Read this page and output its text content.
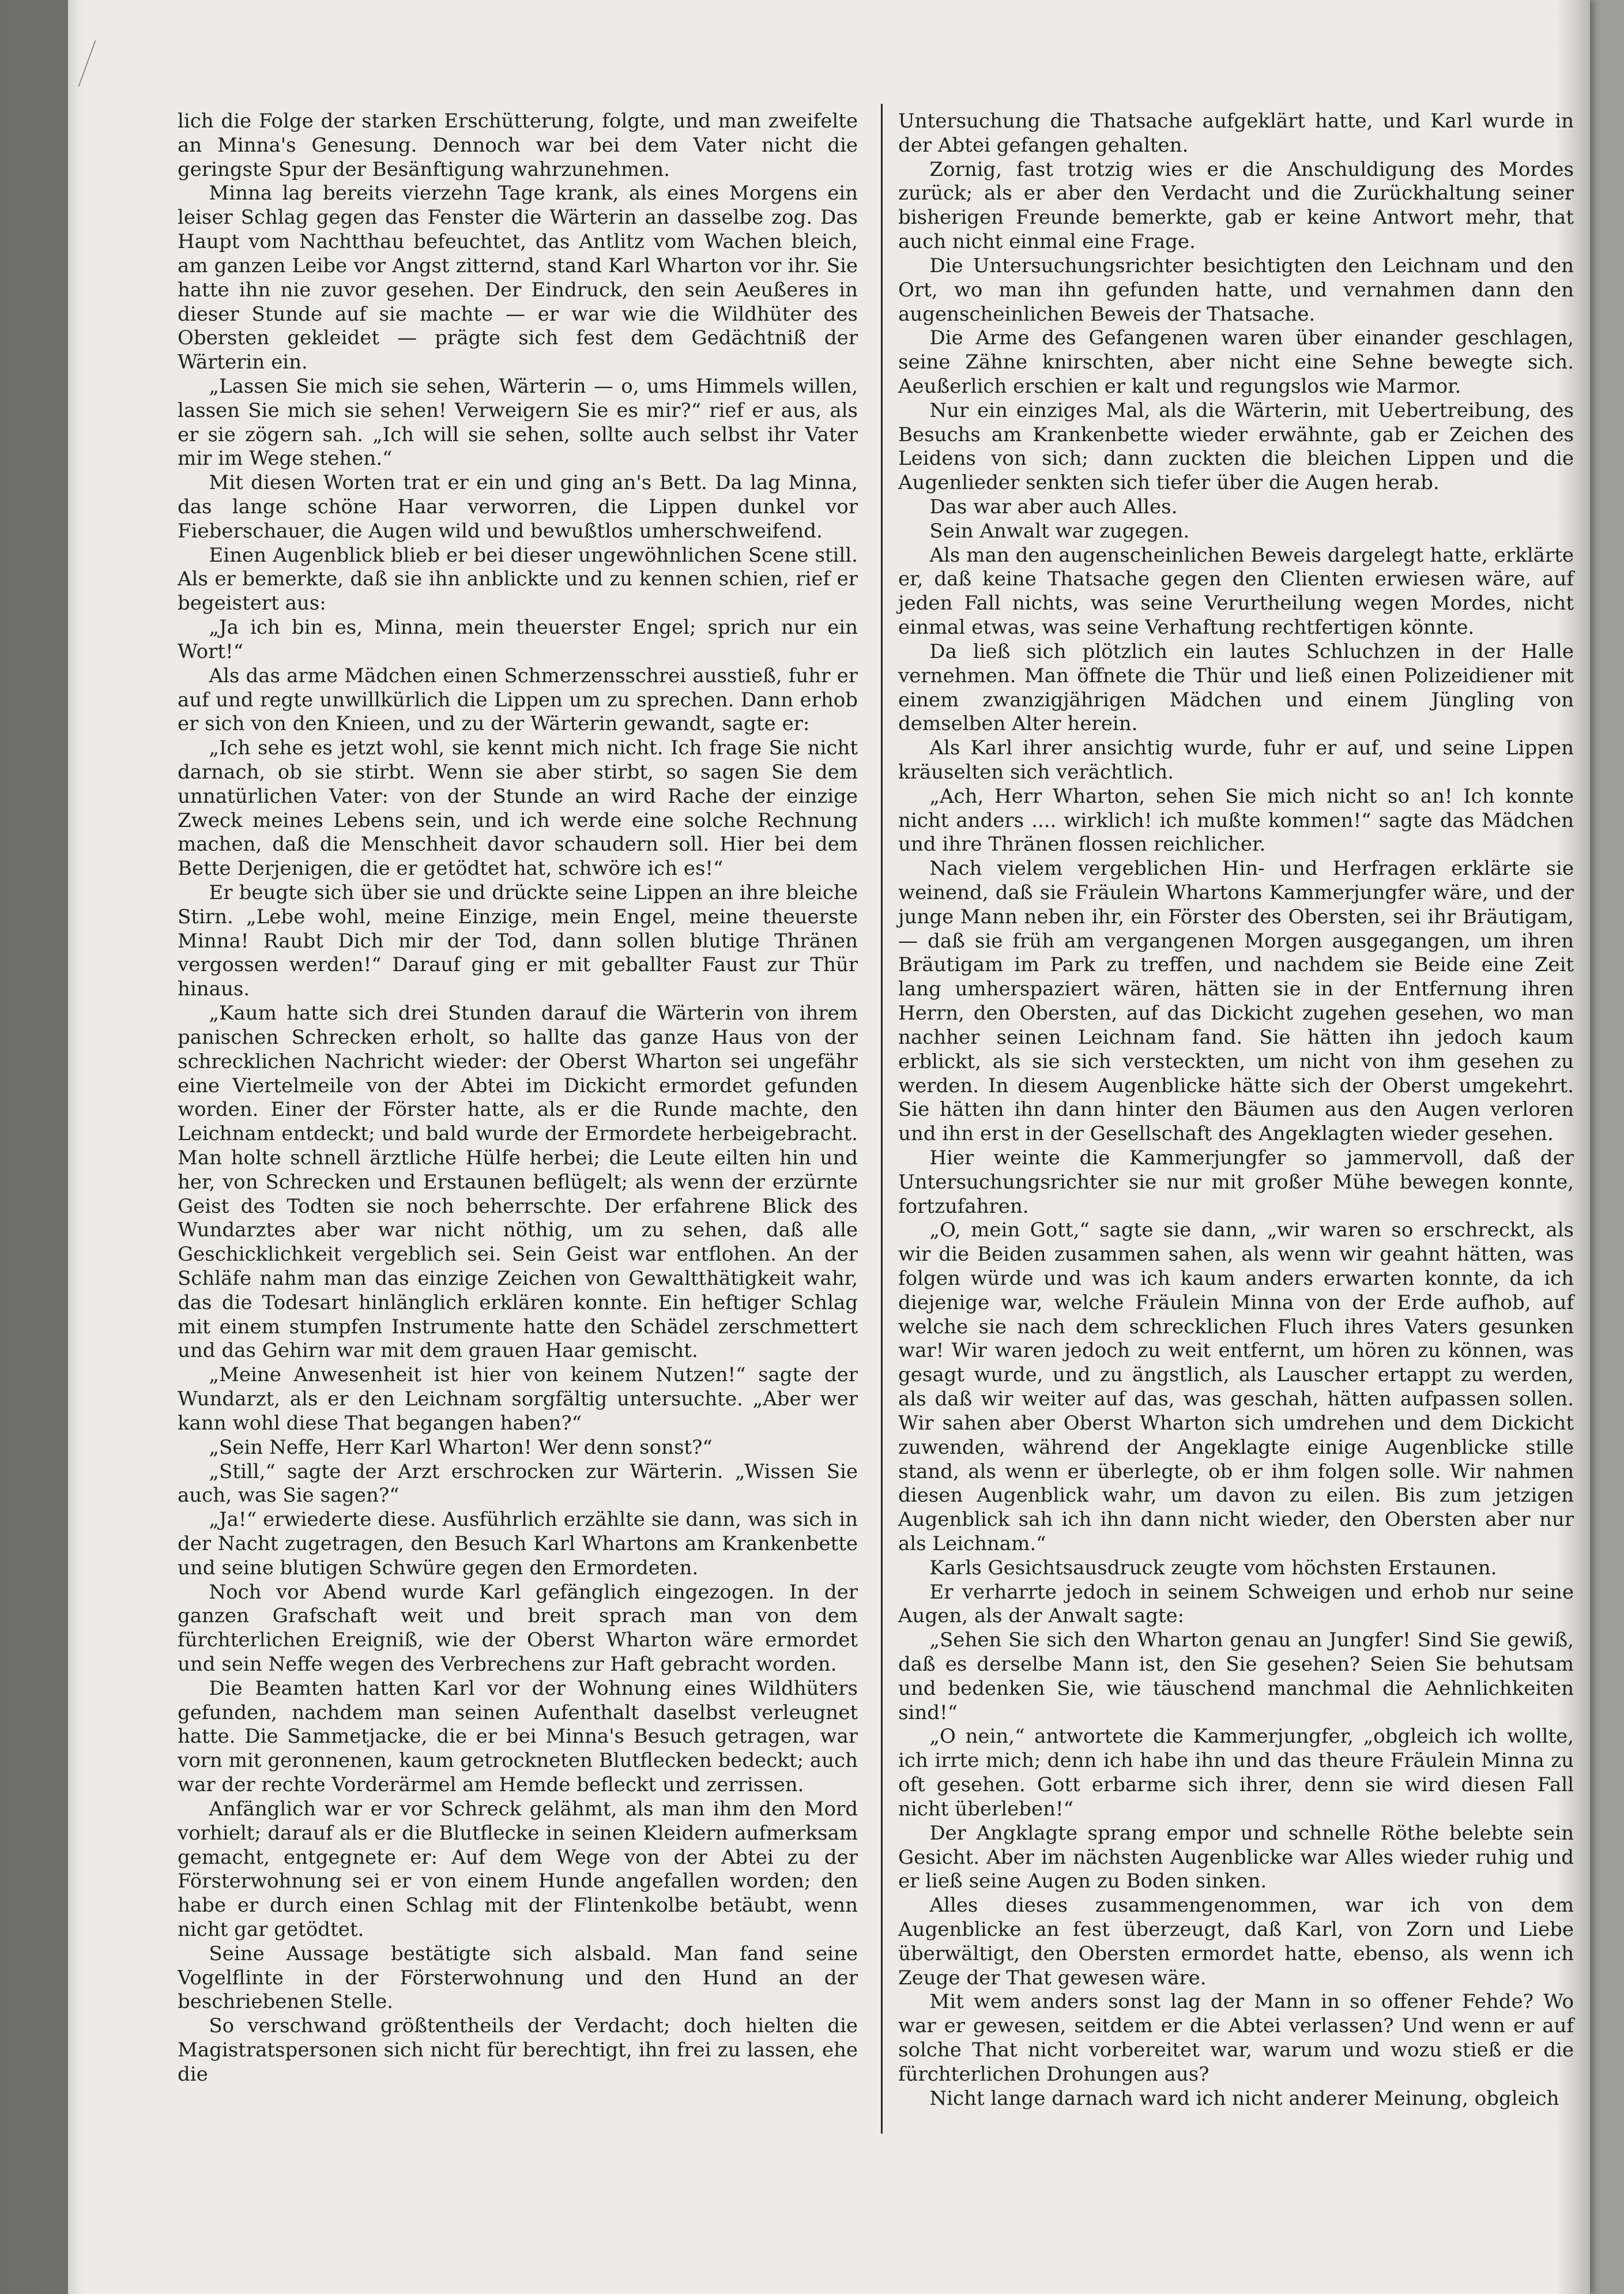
lich die Folge der starken Erschütterung, folgte, und man zweifelte an Minna's Genesung. Dennoch war bei dem Vater nicht die geringste Spur der Besänftigung wahrzunehmen.

Minna lag bereits vierzehn Tage krank, als eines Morgens ein leiser Schlag gegen das Fenster die Wärterin an dasselbe zog. Das Haupt vom Nachtthau befeuchtet, das Antlitz vom Wachen bleich, am ganzen Leibe vor Angst zitternd, stand Karl Wharton vor ihr. Sie hatte ihn nie zuvor gesehen. Der Eindruck, den sein Aeußeres in dieser Stunde auf sie machte — er war wie die Wildhüter des Obersten gekleidet — prägte sich fest dem Gedächtniß der Wärterin ein.

„Lassen Sie mich sie sehen, Wärterin — o, ums Himmels willen, lassen Sie mich sie sehen! Verweigern Sie es mir?“ rief er aus, als er sie zögern sah. „Ich will sie sehen, sollte auch selbst ihr Vater mir im Wege stehen.“

Mit diesen Worten trat er ein und ging an's Bett. Da lag Minna, das lange schöne Haar verworren, die Lippen dunkel vor Fieberschauer, die Augen wild und bewußtlos umherschweifend.

Einen Augenblick blieb er bei dieser ungewöhnlichen Scene still. Als er bemerkte, daß sie ihn anblickte und zu kennen schien, rief er begeistert aus:

„Ja ich bin es, Minna, mein theuerster Engel; sprich nur ein Wort!“

Als das arme Mädchen einen Schmerzensschrei ausstieß, fuhr er auf und regte unwillkürlich die Lippen um zu sprechen. Dann erhob er sich von den Knieen, und zu der Wärterin gewandt, sagte er:

„Ich sehe es jetzt wohl, sie kennt mich nicht. Ich frage Sie nicht darnach, ob sie stirbt. Wenn sie aber stirbt, so sagen Sie dem unnatürlichen Vater: von der Stunde an wird Rache der einzige Zweck meines Lebens sein, und ich werde eine solche Rechnung machen, daß die Menschheit davor schaudern soll. Hier bei dem Bette Derjenigen, die er getödtet hat, schwöre ich es!“

Er beugte sich über sie und drückte seine Lippen an ihre bleiche Stirn. „Lebe wohl, meine Einzige, mein Engel, meine theuerste Minna! Raubt Dich mir der Tod, dann sollen blutige Thränen vergossen werden!“ Darauf ging er mit geballter Faust zur Thür hinaus.

„Kaum hatte sich drei Stunden darauf die Wärterin von ihrem panischen Schrecken erholt, so hallte das ganze Haus von der schrecklichen Nachricht wieder: der Oberst Wharton sei ungefähr eine Viertelmeile von der Abtei im Dickicht ermordet gefunden worden. Einer der Förster hatte, als er die Runde machte, den Leichnam entdeckt; und bald wurde der Ermordete herbeigebracht. Man holte schnell ärztliche Hülfe herbei; die Leute eilten hin und her, von Schrecken und Erstaunen beflügelt; als wenn der erzürnte Geist des Todten sie noch beherrschte. Der erfahrene Blick des Wundarztes aber war nicht nöthig, um zu sehen, daß alle Geschicklichkeit vergeblich sei. Sein Geist war entflohen. An der Schläfe nahm man das einzige Zeichen von Gewaltthätigkeit wahr, das die Todesart hinlänglich erklären konnte. Ein heftiger Schlag mit einem stumpfen Instrumente hatte den Schädel zerschmettert und das Gehirn war mit dem grauen Haar gemischt.

„Meine Anwesenheit ist hier von keinem Nutzen!“ sagte der Wundarzt, als er den Leichnam sorgfältig untersuchte. „Aber wer kann wohl diese That begangen haben?“

„Sein Neffe, Herr Karl Wharton! Wer denn sonst?“

„Still,“ sagte der Arzt erschrocken zur Wärterin. „Wissen Sie auch, was Sie sagen?“

„Ja!“ erwiederte diese. Ausführlich erzählte sie dann, was sich in der Nacht zugetragen, den Besuch Karl Whartons am Krankenbette und seine blutigen Schwüre gegen den Ermordeten.

Noch vor Abend wurde Karl gefänglich eingezogen. In der ganzen Grafschaft weit und breit sprach man von dem fürchterlichen Ereigniß, wie der Oberst Wharton wäre ermordet und sein Neffe wegen des Verbrechens zur Haft gebracht worden.

Die Beamten hatten Karl vor der Wohnung eines Wildhüters gefunden, nachdem man seinen Aufenthalt daselbst verleugnet hatte. Die Sammetjacke, die er bei Minna's Besuch getragen, war vorn mit geronnenen, kaum getrockneten Blutflecken bedeckt; auch war der rechte Vorderärmel am Hemde befleckt und zerrissen.

Anfänglich war er vor Schreck gelähmt, als man ihm den Mord vorhielt; darauf als er die Blutflecke in seinen Kleidern aufmerksam gemacht, entgegnete er: Auf dem Wege von der Abtei zu der Försterwohnung sei er von einem Hunde angefallen worden; den habe er durch einen Schlag mit der Flintenkolbe betäubt, wenn nicht gar getödtet.

Seine Aussage bestätigte sich alsbald. Man fand seine Vogelflinte in der Försterwohnung und den Hund an der beschriebenen Stelle.

So verschwand größtentheils der Verdacht; doch hielten die Magistratspersonen sich nicht für berechtigt, ihn frei zu lassen, ehe die

Untersuchung die Thatsache aufgeklärt hatte, und Karl wurde in der Abtei gefangen gehalten.

Zornig, fast trotzig wies er die Anschuldigung des Mordes zurück; als er aber den Verdacht und die Zurückhaltung seiner bisherigen Freunde bemerkte, gab er keine Antwort mehr, that auch nicht einmal eine Frage.

Die Untersuchungsrichter besichtigten den Leichnam und den Ort, wo man ihn gefunden hatte, und vernahmen dann den augenscheinlichen Beweis der Thatsache.

Die Arme des Gefangenen waren über einander geschlagen, seine Zähne knirschten, aber nicht eine Sehne bewegte sich. Aeußerlich erschien er kalt und regungslos wie Marmor.

Nur ein einziges Mal, als die Wärterin, mit Uebertreibung, des Besuchs am Krankenbette wieder erwähnte, gab er Zeichen des Leidens von sich; dann zuckten die bleichen Lippen und die Augenlieder senkten sich tiefer über die Augen herab.

Das war aber auch Alles.

Sein Anwalt war zugegen.

Als man den augenscheinlichen Beweis dargelegt hatte, erklärte er, daß keine Thatsache gegen den Clienten erwiesen wäre, auf jeden Fall nichts, was seine Verurtheilung wegen Mordes, nicht einmal etwas, was seine Verhaftung rechtfertigen könnte.

Da ließ sich plötzlich ein lautes Schluchzen in der Halle vernehmen. Man öffnete die Thür und ließ einen Polizeidiener mit einem zwanzigjährigen Mädchen und einem Jüngling von demselben Alter herein.

Als Karl ihrer ansichtig wurde, fuhr er auf, und seine Lippen kräuselten sich verächtlich.

„Ach, Herr Wharton, sehen Sie mich nicht so an! Ich konnte nicht anders .... wirklich! ich mußte kommen!“ sagte das Mädchen und ihre Thränen flossen reichlicher.

Nach vielem vergeblichen Hin- und Herfragen erklärte sie weinend, daß sie Fräulein Whartons Kammerjungfer wäre, und der junge Mann neben ihr, ein Förster des Obersten, sei ihr Bräutigam, — daß sie früh am vergangenen Morgen ausgegangen, um ihren Bräutigam im Park zu treffen, und nachdem sie Beide eine Zeit lang umherspaziert wären, hätten sie in der Entfernung ihren Herrn, den Obersten, auf das Dickicht zugehen gesehen, wo man nachher seinen Leichnam fand. Sie hätten ihn jedoch kaum erblickt, als sie sich versteckten, um nicht von ihm gesehen zu werden. In diesem Augenblicke hätte sich der Oberst umgekehrt. Sie hätten ihn dann hinter den Bäumen aus den Augen verloren und ihn erst in der Gesellschaft des Angeklagten wieder gesehen.

Hier weinte die Kammerjungfer so jammervoll, daß der Untersuchungsrichter sie nur mit großer Mühe bewegen konnte, fortzufahren.

„O, mein Gott,“ sagte sie dann, „wir waren so erschreckt, als wir die Beiden zusammen sahen, als wenn wir geahnt hätten, was folgen würde und was ich kaum anders erwarten konnte, da ich diejenige war, welche Fräulein Minna von der Erde aufhob, auf welche sie nach dem schrecklichen Fluch ihres Vaters gesunken war! Wir waren jedoch zu weit entfernt, um hören zu können, was gesagt wurde, und zu ängstlich, als Lauscher ertappt zu werden, als daß wir weiter auf das, was geschah, hätten aufpassen sollen. Wir sahen aber Oberst Wharton sich umdrehen und dem Dickicht zuwenden, während der Angeklagte einige Augenblicke stille stand, als wenn er überlegte, ob er ihm folgen solle. Wir nahmen diesen Augenblick wahr, um davon zu eilen. Bis zum jetzigen Augenblick sah ich ihn dann nicht wieder, den Obersten aber nur als Leichnam.“

Karls Gesichtsausdruck zeugte vom höchsten Erstaunen.

Er verharrte jedoch in seinem Schweigen und erhob nur seine Augen, als der Anwalt sagte:

„Sehen Sie sich den Wharton genau an Jungfer! Sind Sie gewiß, daß es derselbe Mann ist, den Sie gesehen? Seien Sie behutsam und bedenken Sie, wie täuschend manchmal die Aehnlichkeiten sind!“

„O nein,“ antwortete die Kammerjungfer, „obgleich ich wollte, ich irrte mich; denn ich habe ihn und das theure Fräulein Minna zu oft gesehen. Gott erbarme sich ihrer, denn sie wird diesen Fall nicht überleben!“

Der Angklagte sprang empor und schnelle Röthe belebte sein Gesicht. Aber im nächsten Augenblicke war Alles wieder ruhig und er ließ seine Augen zu Boden sinken.

Alles dieses zusammengenommen, war ich von dem Augenblicke an fest überzeugt, daß Karl, von Zorn und Liebe überwältigt, den Obersten ermordet hatte, ebenso, als wenn ich Zeuge der That gewesen wäre.

Mit wem anders sonst lag der Mann in so offener Fehde? Wo war er gewesen, seitdem er die Abtei verlassen? Und wenn er auf solche That nicht vorbereitet war, warum und wozu stieß er die fürchterlichen Drohungen aus?

Nicht lange darnach ward ich nicht anderer Meinung, obgleich
